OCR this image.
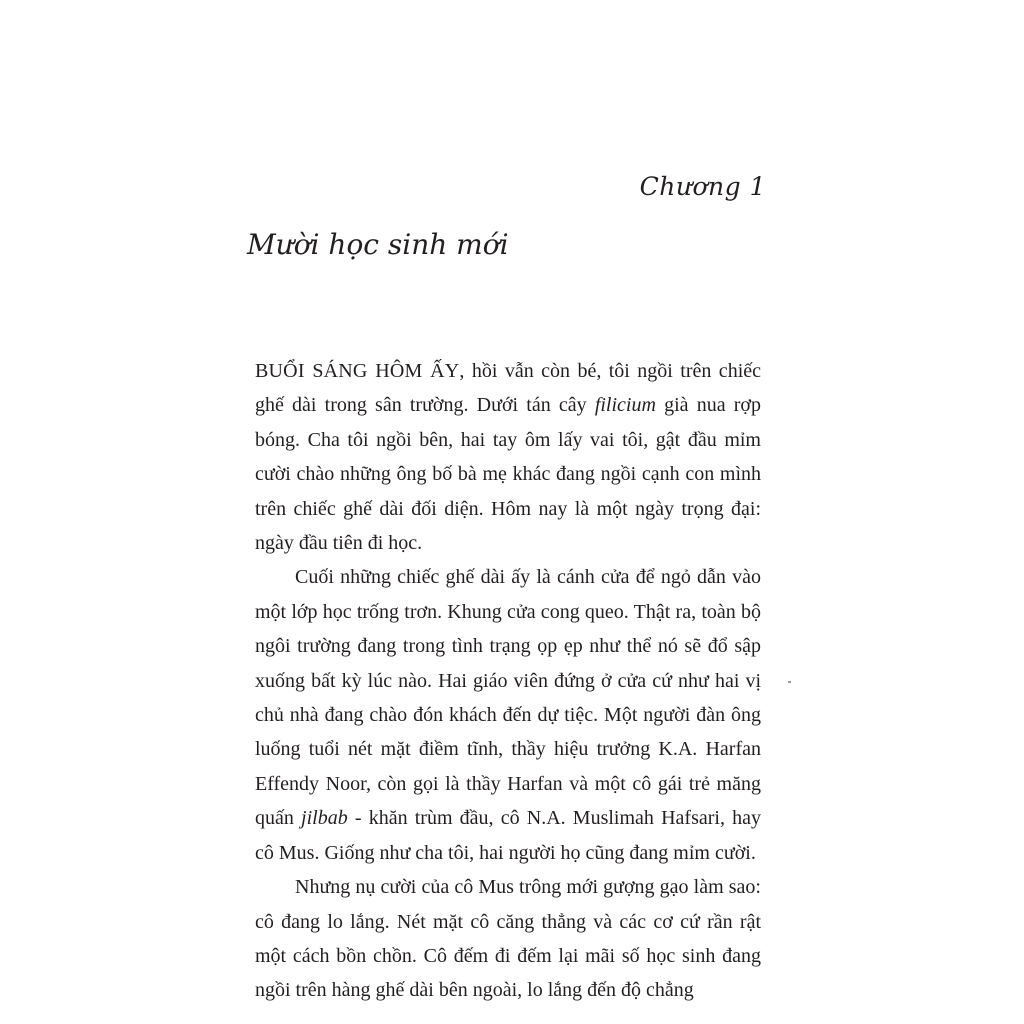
Chương 1
Mười học sinh mới

BUỔI SÁNG HÔM ẤY, hồi vẫn còn bé, tôi ngồi trên chiếc ghế dài trong sân trường. Dưới tán cây filicium già nua rợp bóng. Cha tôi ngồi bên, hai tay ôm lấy vai tôi, gật đầu mỉm cười chào những ông bố bà mẹ khác đang ngồi cạnh con mình trên chiếc ghế dài đối diện. Hôm nay là một ngày trọng đại: ngày đầu tiên đi học.

Cuối những chiếc ghế dài ấy là cánh cửa để ngỏ dẫn vào một lớp học trống trơn. Khung cửa cong queo. Thật ra, toàn bộ ngôi trường đang trong tình trạng ọp ẹp như thể nó sẽ đổ sập xuống bất kỳ lúc nào. Hai giáo viên đứng ở cửa cứ như hai vị chủ nhà đang chào đón khách đến dự tiệc. Một người đàn ông luống tuổi nét mặt điềm tĩnh, thầy hiệu trưởng K.A. Harfan Effendy Noor, còn gọi là thầy Harfan và một cô gái trẻ măng quấn jilbab - khăn trùm đầu, cô N.A. Muslimah Hafsari, hay cô Mus. Giống như cha tôi, hai người họ cũng đang mỉm cười.

Nhưng nụ cười của cô Mus trông mới gượng gạo làm sao: cô đang lo lắng. Nét mặt cô căng thẳng và các cơ cứ rần rật một cách bồn chồn. Cô đếm đi đếm lại mãi số học sinh đang ngồi trên hàng ghế dài bên ngoài, lo lắng đến độ chẳng
